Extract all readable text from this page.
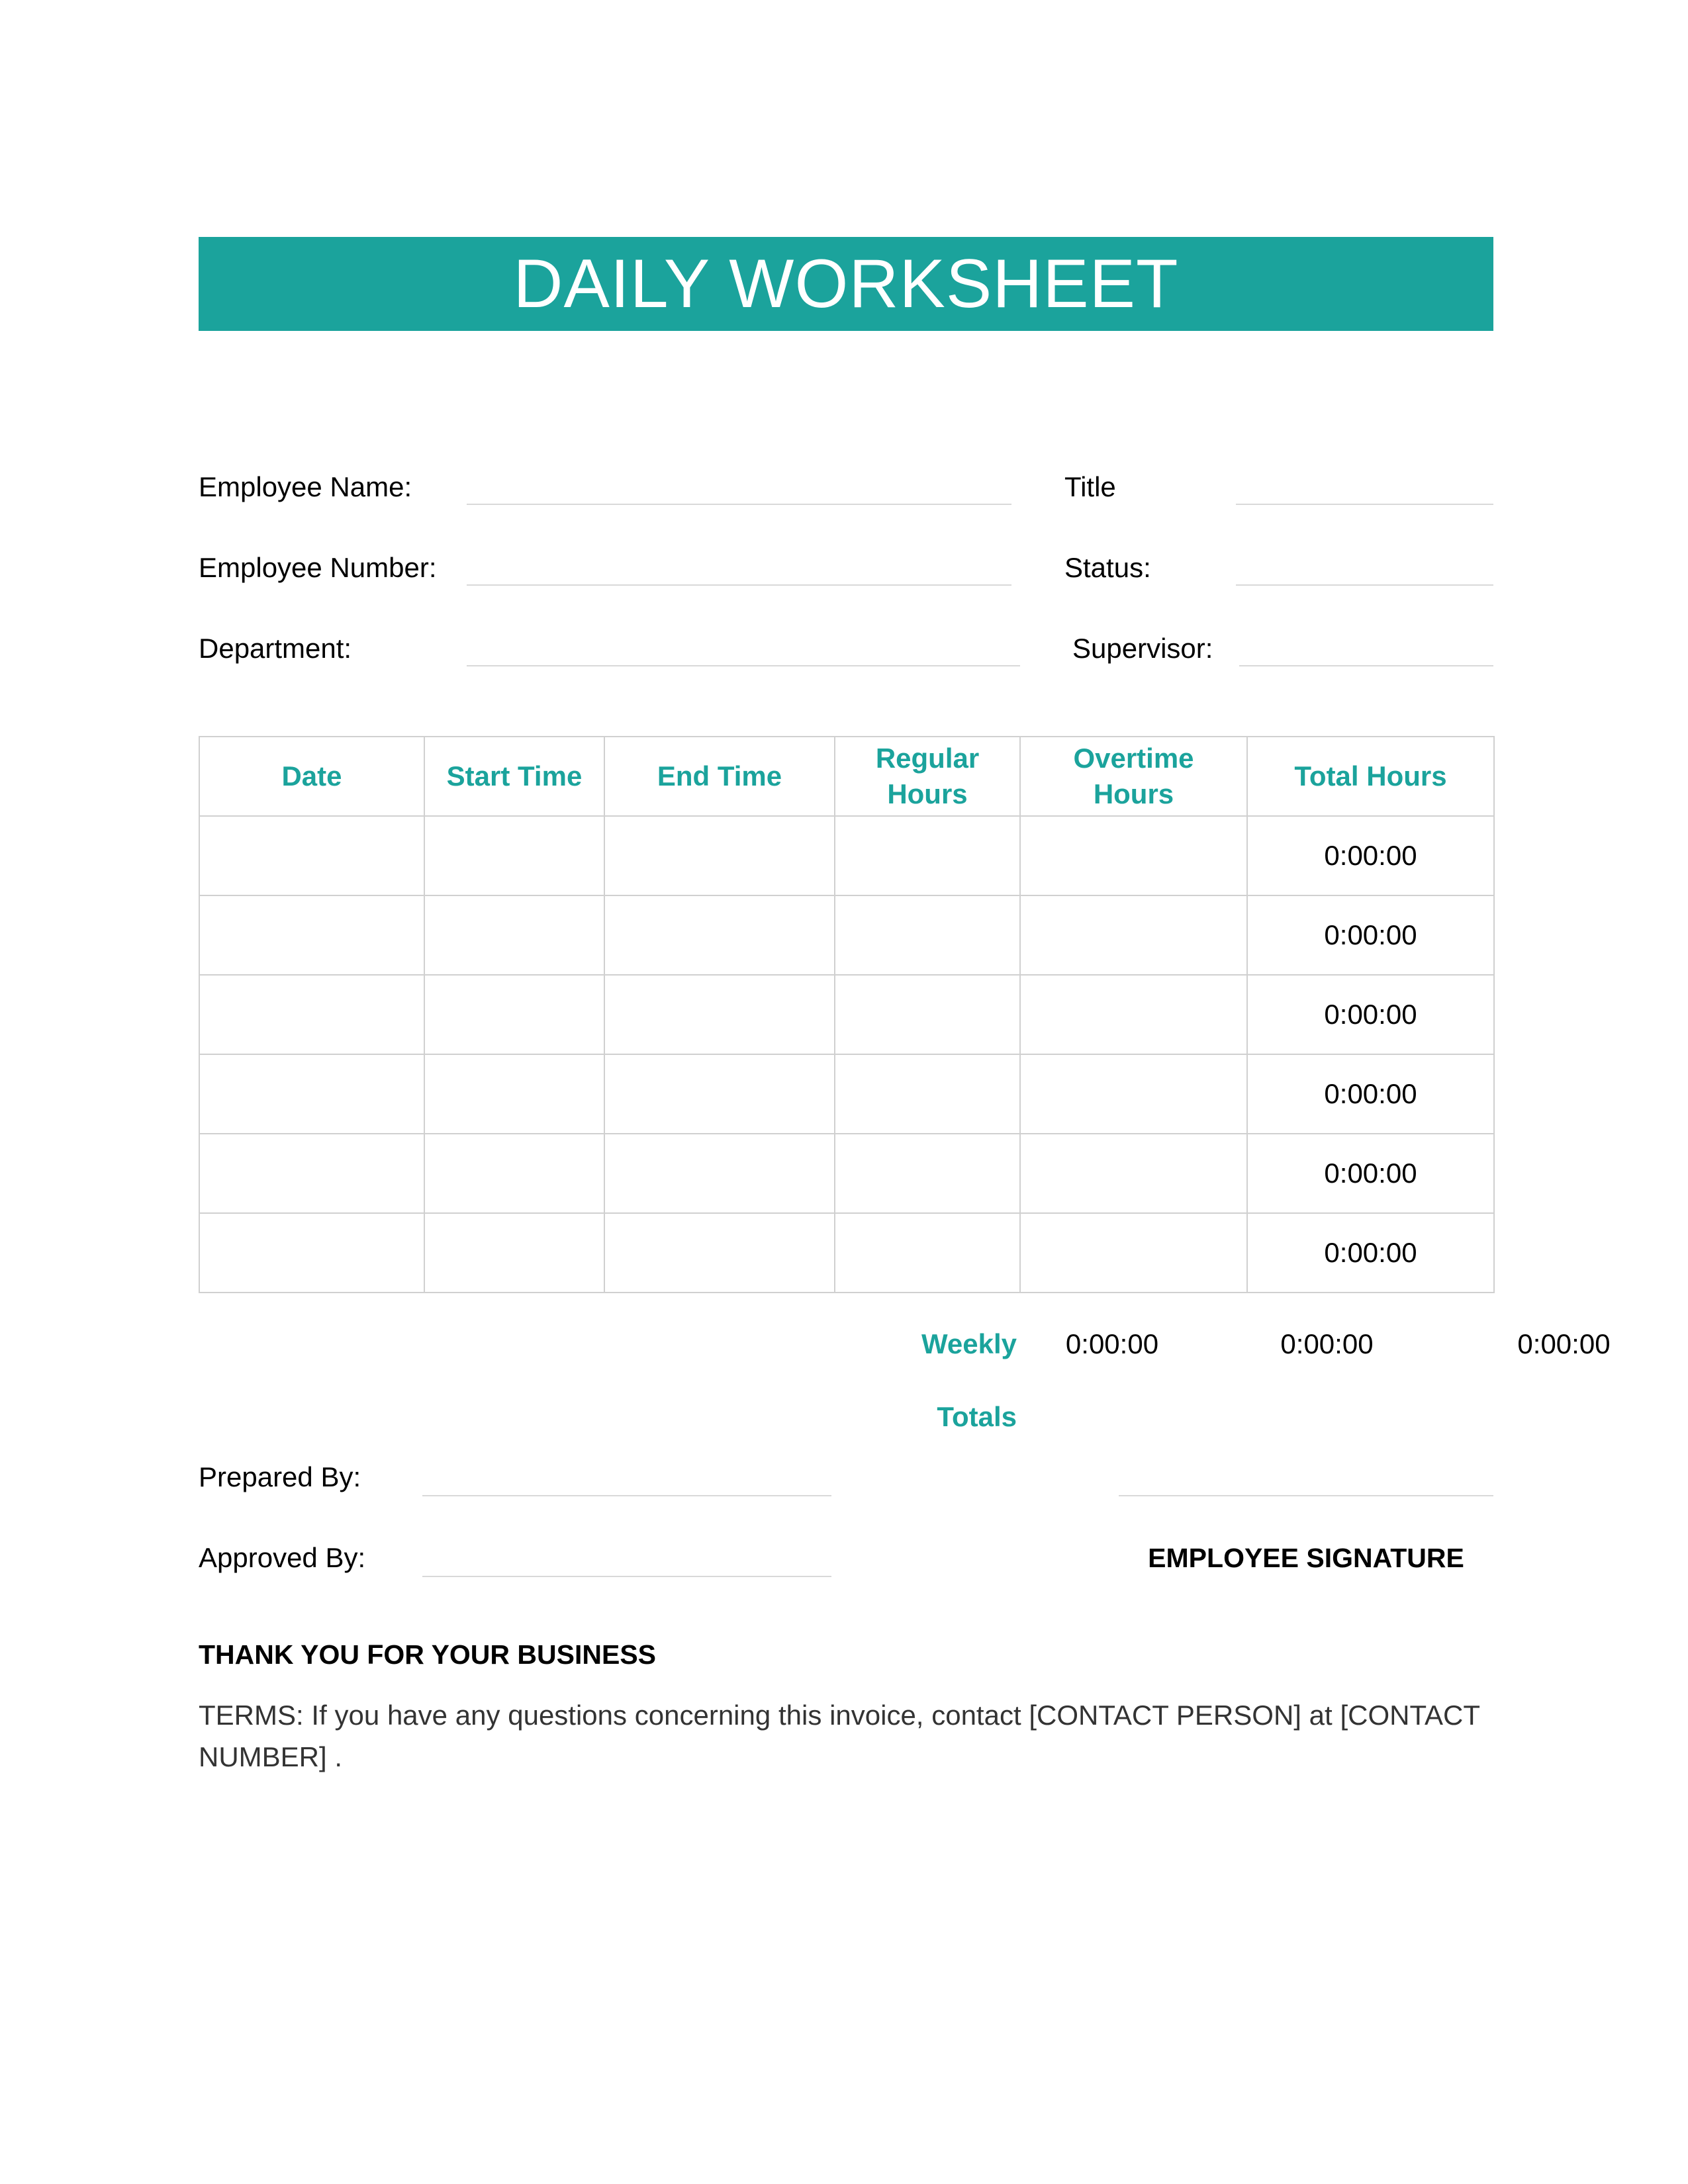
DAILY WORKSHEET
Employee Name:	Title
Employee Number:	Status:
Department:	Supervisor:
Date	Start Time	End Time	Regular Hours	Overtime Hours	Total Hours
					0:00:00
					0:00:00
					0:00:00
					0:00:00
					0:00:00
					0:00:00
Weekly Totals
0:00:00	0:00:00	0:00:00
Prepared By:
Approved By:	EMPLOYEE SIGNATURE
THANK YOU FOR YOUR BUSINESS
TERMS: If you have any questions concerning this invoice, contact [CONTACT PERSON] at [CONTACT NUMBER] .
